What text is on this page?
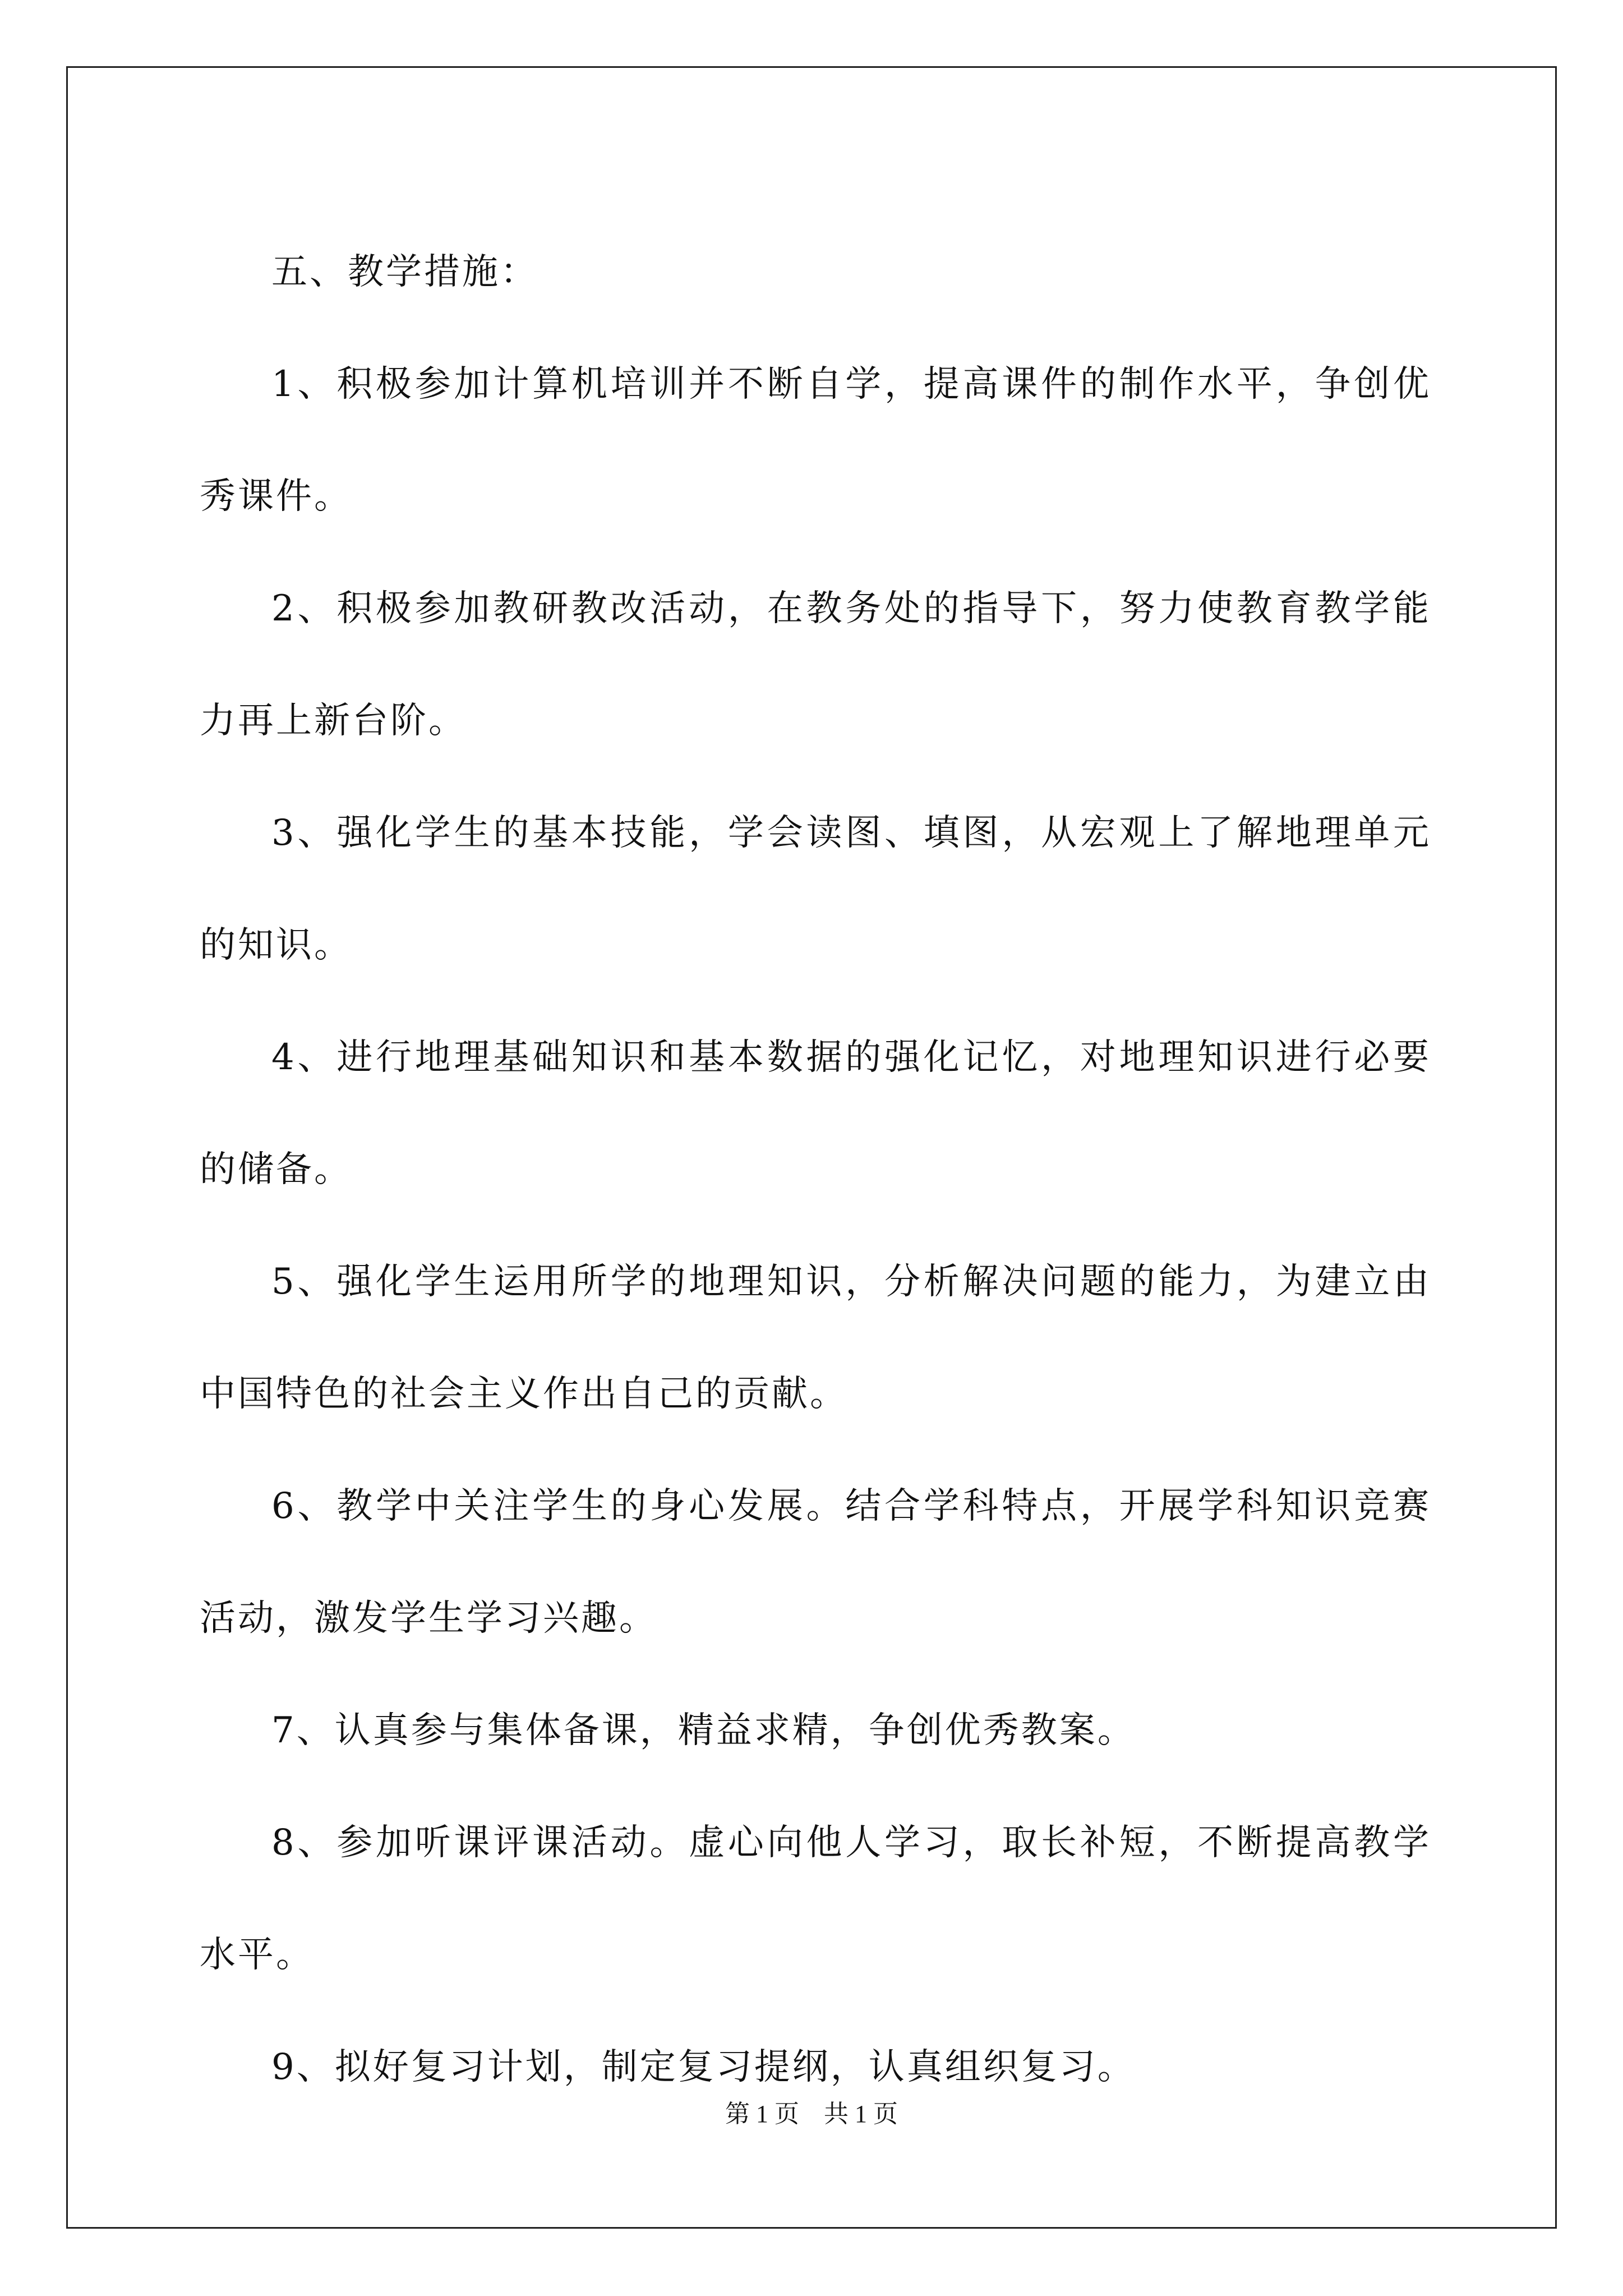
五、教学措施：

1、积极参加计算机培训并不断自学，提高课件的制作水平，争创优秀课件。

2、积极参加教研教改活动，在教务处的指导下，努力使教育教学能力再上新台阶。

3、强化学生的基本技能，学会读图、填图，从宏观上了解地理单元的知识。

4、进行地理基础知识和基本数据的强化记忆，对地理知识进行必要的储备。

5、强化学生运用所学的地理知识，分析解决问题的能力，为建立由中国特色的社会主义作出自己的贡献。

6、教学中关注学生的身心发展。结合学科特点，开展学科知识竞赛活动，激发学生学习兴趣。

7、认真参与集体备课，精益求精，争创优秀教案。

8、参加听课评课活动。虚心向他人学习，取长补短，不断提高教学水平。

9、拟好复习计划，制定复习提纲，认真组织复习。

第 1 页 共 1 页
